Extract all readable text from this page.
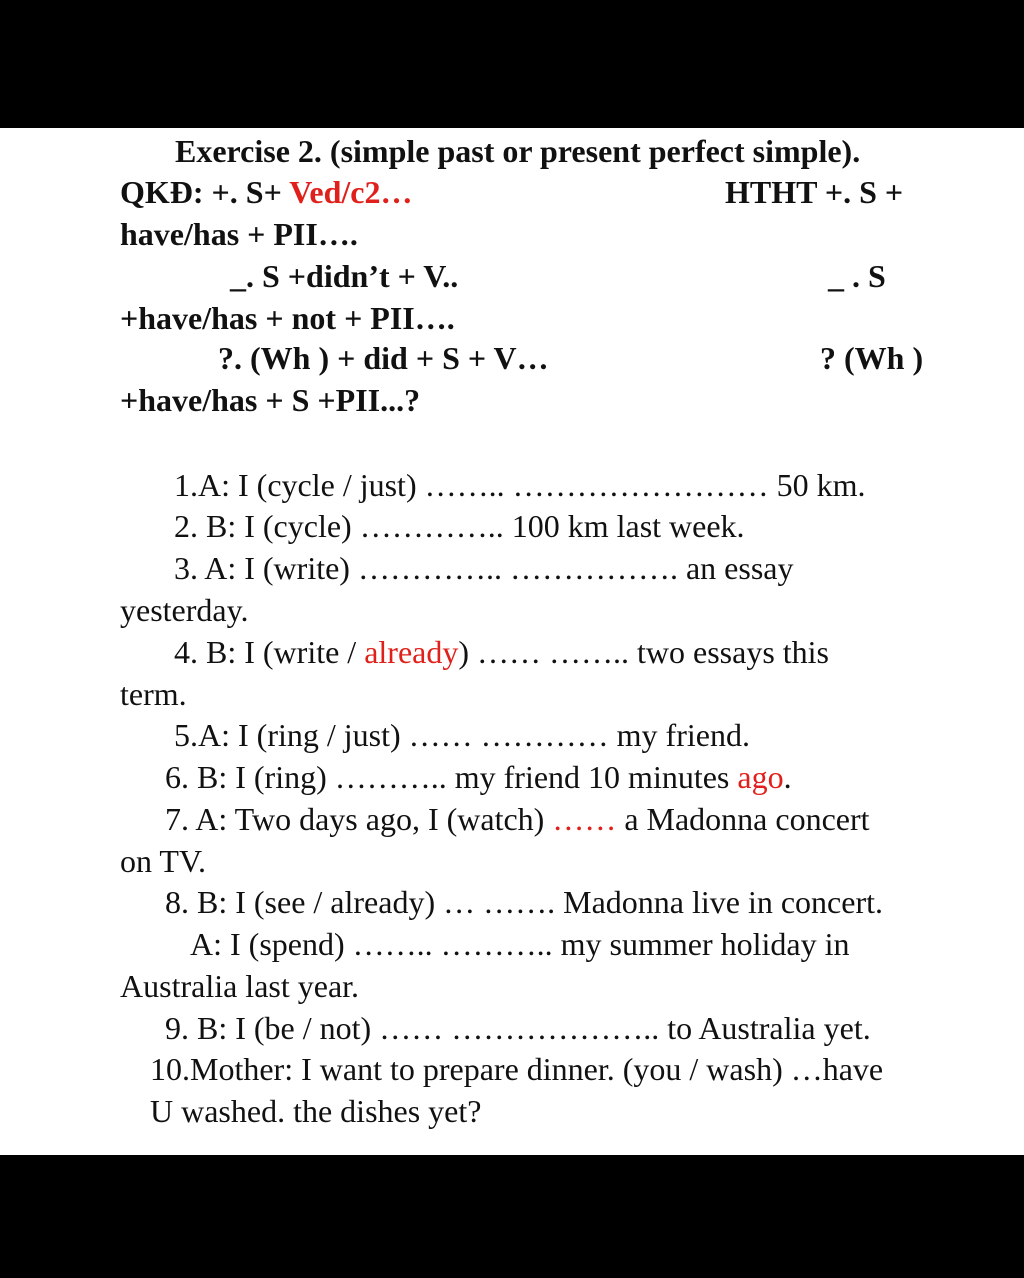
Exercise 2. (simple past or present perfect simple).
QKĐ: +. S+ Ved/c2…	HTHT +. S +
have/has + PII….
_. S +didn’t + V..	_ . S
+have/has + not + PII….
?. (Wh ) + did + S + V…	? (Wh )
+have/has + S +PII...?
1.A: I (cycle / just) …….. …………………… 50 km.
2. B: I (cycle) ………….. 100 km last week.
3. A: I (write) ………….. ……………. an essay
yesterday.
4. B: I (write / already) …… …….. two essays this
term.
5.A: I (ring / just) …… ………… my friend.
6. B: I (ring) ……….. my friend 10 minutes ago.
7. A: Two days ago, I (watch) …… a Madonna concert
on TV.
8. B: I (see / already) … ……. Madonna live in concert.
A: I (spend) …….. ……….. my summer holiday in
Australia last year.
9. B: I (be / not) …… ……………….. to Australia yet.
10.Mother: I want to prepare dinner. (you / wash) …have
U washed. the dishes yet?
